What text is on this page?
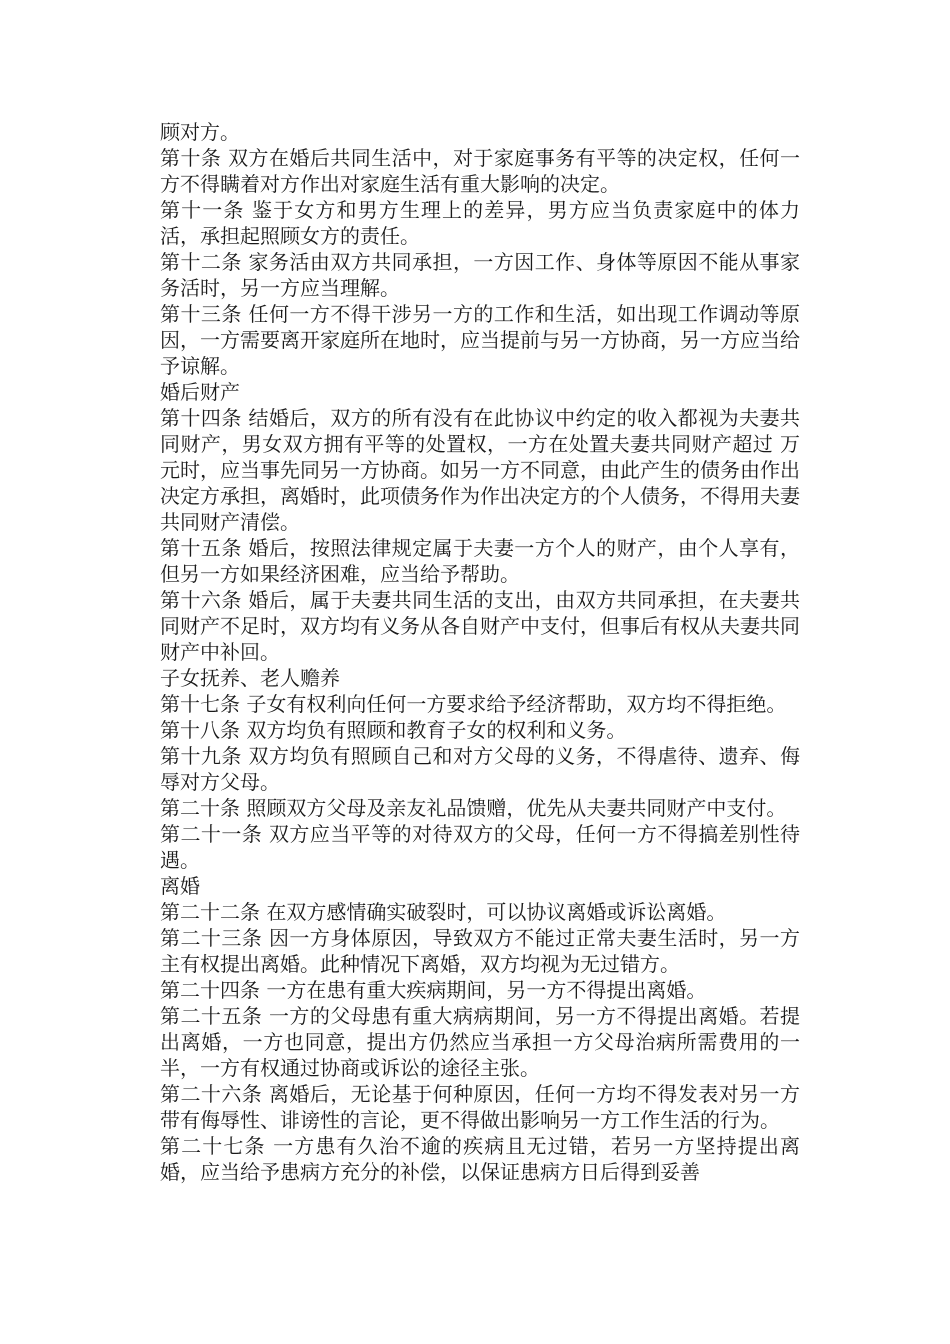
顾对方。

第十条 双方在婚后共同生活中，对于家庭事务有平等的决定权，任何一方不得瞒着对方作出对家庭生活有重大影响的决定。

第十一条 鉴于女方和男方生理上的差异，男方应当负责家庭中的体力活，承担起照顾女方的责任。

第十二条 家务活由双方共同承担，一方因工作、身体等原因不能从事家务活时，另一方应当理解。

第十三条 任何一方不得干涉另一方的工作和生活，如出现工作调动等原因，一方需要离开家庭所在地时，应当提前与另一方协商，另一方应当给予谅解。

婚后财产

第十四条 结婚后，双方的所有没有在此协议中约定的收入都视为夫妻共同财产，男女双方拥有平等的处置权，一方在处置夫妻共同财产超过 万元时，应当事先同另一方协商。如另一方不同意，由此产生的债务由作出决定方承担，离婚时，此项债务作为作出决定方的个人债务，不得用夫妻共同财产清偿。

第十五条 婚后，按照法律规定属于夫妻一方个人的财产，由个人享有，但另一方如果经济困难，应当给予帮助。

第十六条 婚后，属于夫妻共同生活的支出，由双方共同承担，在夫妻共同财产不足时，双方均有义务从各自财产中支付，但事后有权从夫妻共同财产中补回。

子女抚养、老人赡养

第十七条 子女有权利向任何一方要求给予经济帮助，双方均不得拒绝。

第十八条 双方均负有照顾和教育子女的权利和义务。

第十九条 双方均负有照顾自己和对方父母的义务，不得虐待、遗弃、侮辱对方父母。

第二十条 照顾双方父母及亲友礼品馈赠，优先从夫妻共同财产中支付。

第二十一条 双方应当平等的对待双方的父母，任何一方不得搞差别性待遇。

离婚

第二十二条 在双方感情确实破裂时，可以协议离婚或诉讼离婚。

第二十三条 因一方身体原因，导致双方不能过正常夫妻生活时，另一方主有权提出离婚。此种情况下离婚，双方均视为无过错方。

第二十四条 一方在患有重大疾病期间，另一方不得提出离婚。

第二十五条 一方的父母患有重大病病期间，另一方不得提出离婚。若提出离婚，一方也同意，提出方仍然应当承担一方父母治病所需费用的一半，一方有权通过协商或诉讼的途径主张。

第二十六条 离婚后，无论基于何种原因，任何一方均不得发表对另一方带有侮辱性、诽谤性的言论，更不得做出影响另一方工作生活的行为。

第二十七条 一方患有久治不逾的疾病且无过错，若另一方坚持提出离婚，应当给予患病方充分的补偿，以保证患病方日后得到妥善
